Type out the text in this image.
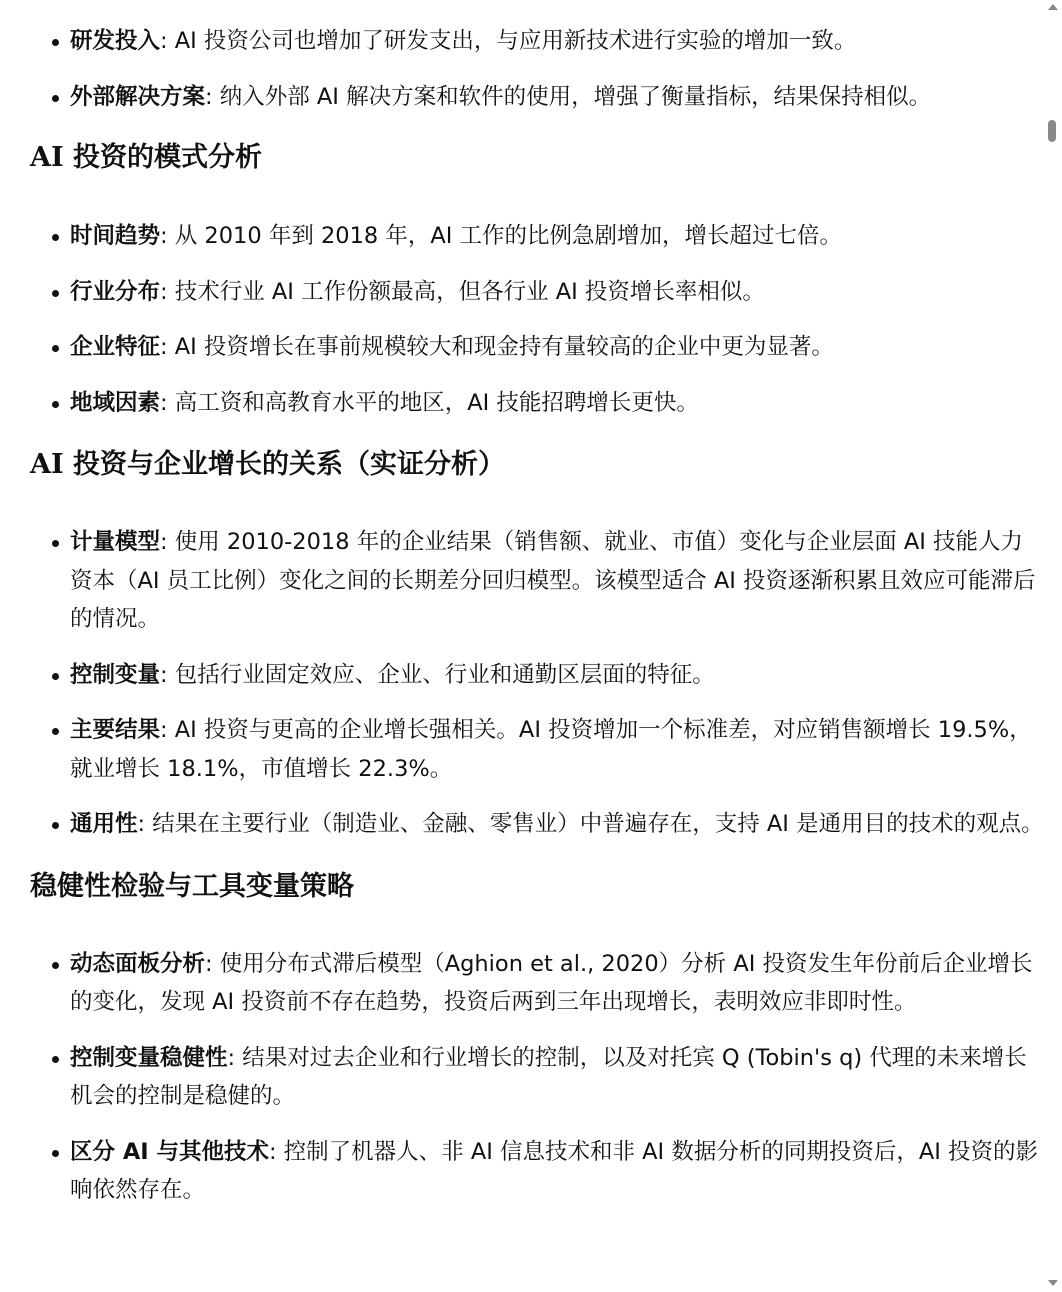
研发投入: AI 投资公司也增加了研发支出，与应用新技术进行实验的增加一致。
外部解决方案: 纳入外部 AI 解决方案和软件的使用，增强了衡量指标，结果保持相似。
AI 投资的模式分析
时间趋势: 从 2010 年到 2018 年，AI 工作的比例急剧增加，增长超过七倍。
行业分布: 技术行业 AI 工作份额最高，但各行业 AI 投资增长率相似。
企业特征: AI 投资增长在事前规模较大和现金持有量较高的企业中更为显著。
地域因素: 高工资和高教育水平的地区，AI 技能招聘增长更快。
AI 投资与企业增长的关系（实证分析）
计量模型: 使用 2010-2018 年的企业结果（销售额、就业、市值）变化与企业层面 AI 技能人力资本（AI 员工比例）变化之间的长期差分回归模型。该模型适合 AI 投资逐渐积累且效应可能滞后的情况。
控制变量: 包括行业固定效应、企业、行业和通勤区层面的特征。
主要结果: AI 投资与更高的企业增长强相关。AI 投资增加一个标准差，对应销售额增长 19.5%，就业增长 18.1%，市值增长 22.3%。
通用性: 结果在主要行业（制造业、金融、零售业）中普遍存在，支持 AI 是通用目的技术的观点。
稳健性检验与工具变量策略
动态面板分析: 使用分布式滞后模型（Aghion et al., 2020）分析 AI 投资发生年份前后企业增长的变化，发现 AI 投资前不存在趋势，投资后两到三年出现增长，表明效应非即时性。
控制变量稳健性: 结果对过去企业和行业增长的控制，以及对托宾 Q (Tobin's q) 代理的未来增长机会的控制是稳健的。
区分 AI 与其他技术: 控制了机器人、非 AI 信息技术和非 AI 数据分析的同期投资后，AI 投资的影响依然存在。
